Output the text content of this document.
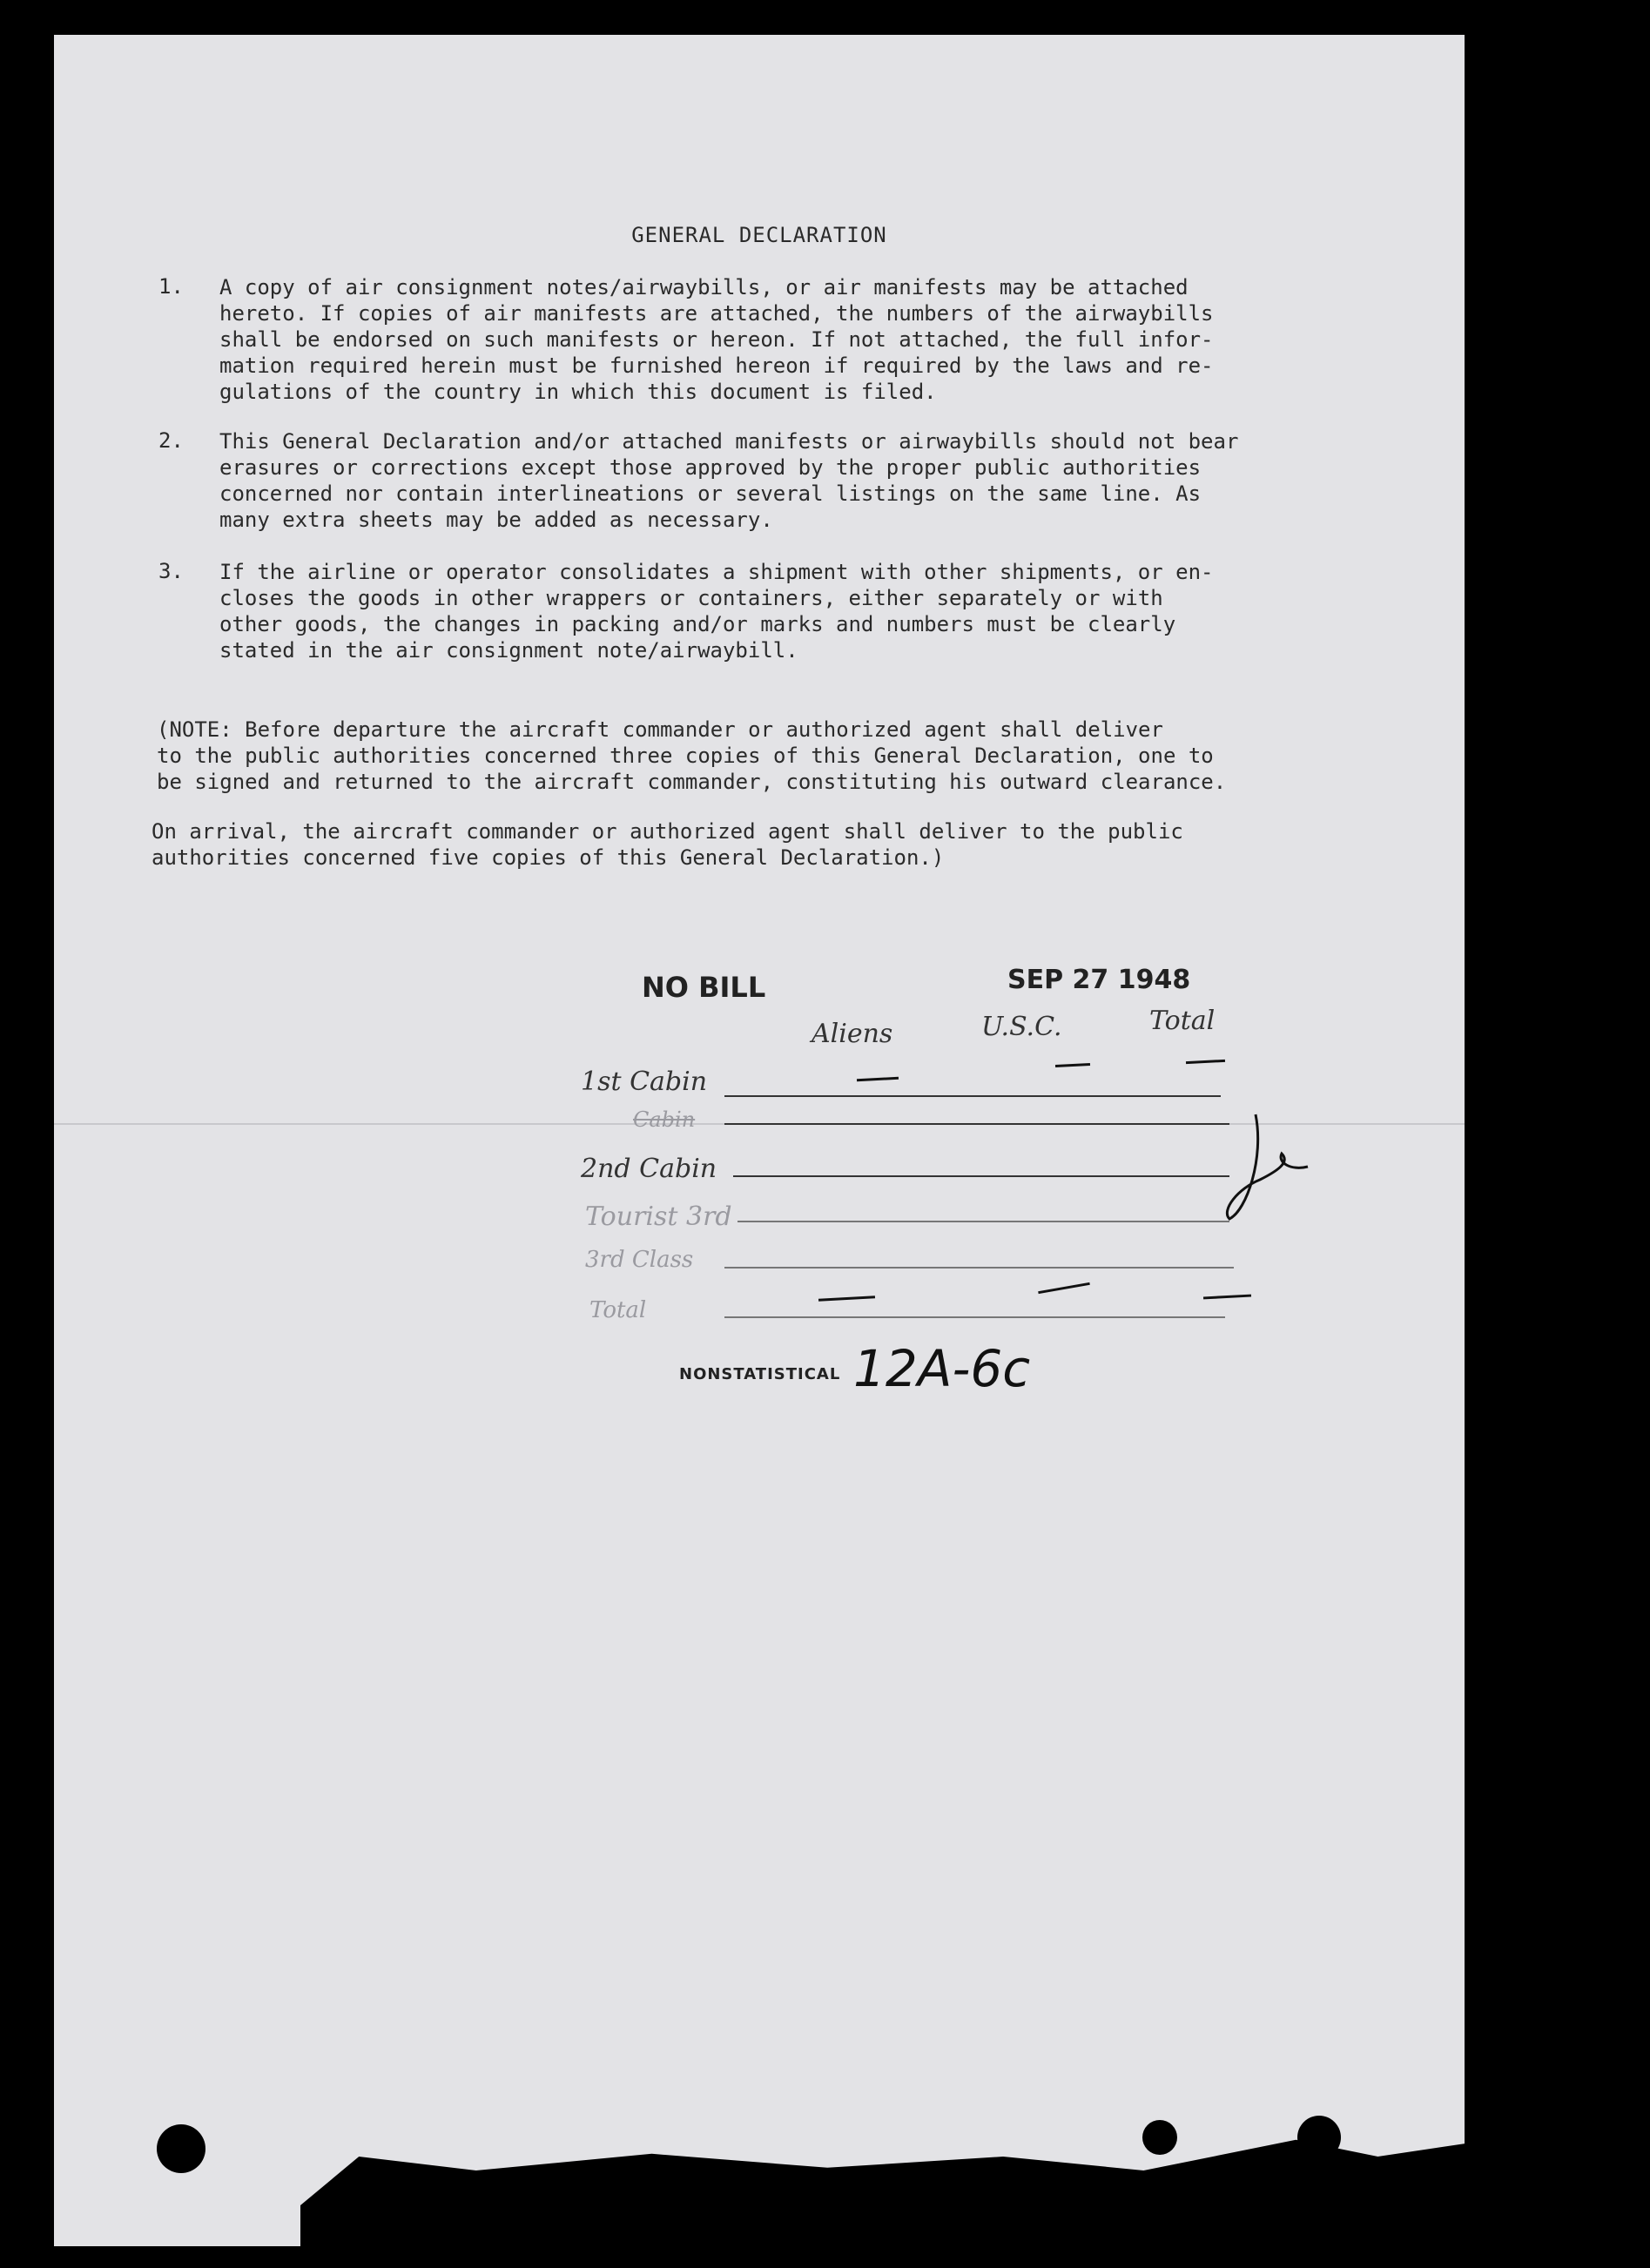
GENERAL DECLARATION
1. A copy of air consignment notes/airwaybills, or air manifests may be attached
hereto. If copies of air manifests are attached, the numbers of the airwaybills
shall be endorsed on such manifests or hereon. If not attached, the full infor-
mation required herein must be furnished hereon if required by the laws and re-
gulations of the country in which this document is filed.
2. This General Declaration and/or attached manifests or airwaybills should not bear
erasures or corrections except those approved by the proper public authorities
concerned nor contain interlineations or several listings on the same line. As
many extra sheets may be added as necessary.
3. If the airline or operator consolidates a shipment with other shipments, or en-
closes the goods in other wrappers or containers, either separately or with
other goods, the changes in packing and/or marks and numbers must be clearly
stated in the air consignment note/airwaybill.
(NOTE: Before departure the aircraft commander or authorized agent shall deliver
to the public authorities concerned three copies of this General Declaration, one to
be signed and returned to the aircraft commander, constituting his outward clearance.
On arrival, the aircraft commander or authorized agent shall deliver to the public
authorities concerned five copies of this General Declaration.)
NO BILL	SEP 27 1948
Aliens	U.S.C.	Total
1st Cabin
Cabin
2nd Cabin
Tourist 3rd
3rd Class
Total
NONSTATISTICAL 12A-6c
